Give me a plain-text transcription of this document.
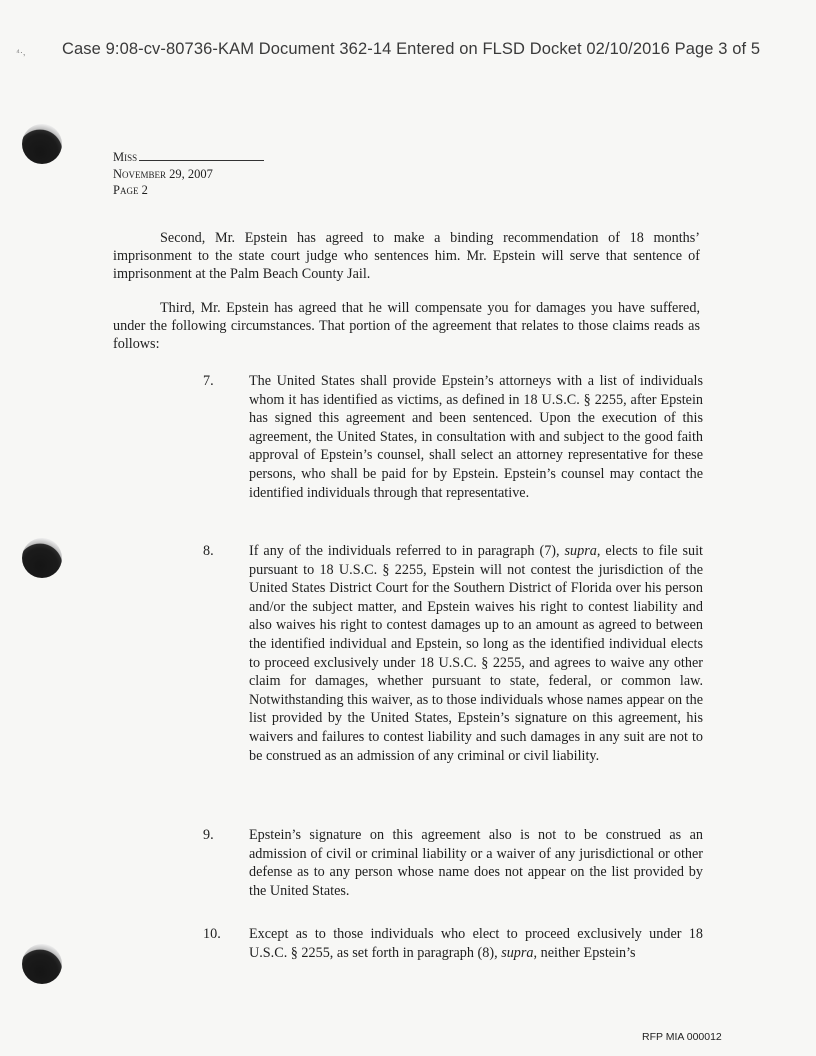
⁴·, Case 9:08-cv-80736-KAM Document 362-14 Entered on FLSD Docket 02/10/2016 Page 3 of 5
Miss
November 29, 2007
Page 2

Second, Mr. Epstein has agreed to make a binding recommendation of 18 months’ imprisonment to the state court judge who sentences him. Mr. Epstein will serve that sentence of imprisonment at the Palm Beach County Jail.

Third, Mr. Epstein has agreed that he will compensate you for damages you have suffered, under the following circumstances. That portion of the agreement that relates to those claims reads as follows:

7. The United States shall provide Epstein’s attorneys with a list of individuals whom it has identified as victims, as defined in 18 U.S.C. § 2255, after Epstein has signed this agreement and been sentenced. Upon the execution of this agreement, the United States, in consultation with and subject to the good faith approval of Epstein’s counsel, shall select an attorney representative for these persons, who shall be paid for by Epstein. Epstein’s counsel may contact the identified individuals through that representative.
8. If any of the individuals referred to in paragraph (7), supra, elects to file suit pursuant to 18 U.S.C. § 2255, Epstein will not contest the jurisdiction of the United States District Court for the Southern District of Florida over his person and/or the subject matter, and Epstein waives his right to contest liability and also waives his right to contest damages up to an amount as agreed to between the identified individual and Epstein, so long as the identified individual elects to proceed exclusively under 18 U.S.C. § 2255, and agrees to waive any other claim for damages, whether pursuant to state, federal, or common law. Notwithstanding this waiver, as to those individuals whose names appear on the list provided by the United States, Epstein’s signature on this agreement, his waivers and failures to contest liability and such damages in any suit are not to be construed as an admission of any criminal or civil liability.
9. Epstein’s signature on this agreement also is not to be construed as an admission of civil or criminal liability or a waiver of any jurisdictional or other defense as to any person whose name does not appear on the list provided by the United States.
10. Except as to those individuals who elect to proceed exclusively under 18 U.S.C. § 2255, as set forth in paragraph (8), supra, neither Epstein’s
RFP MIA 000012
